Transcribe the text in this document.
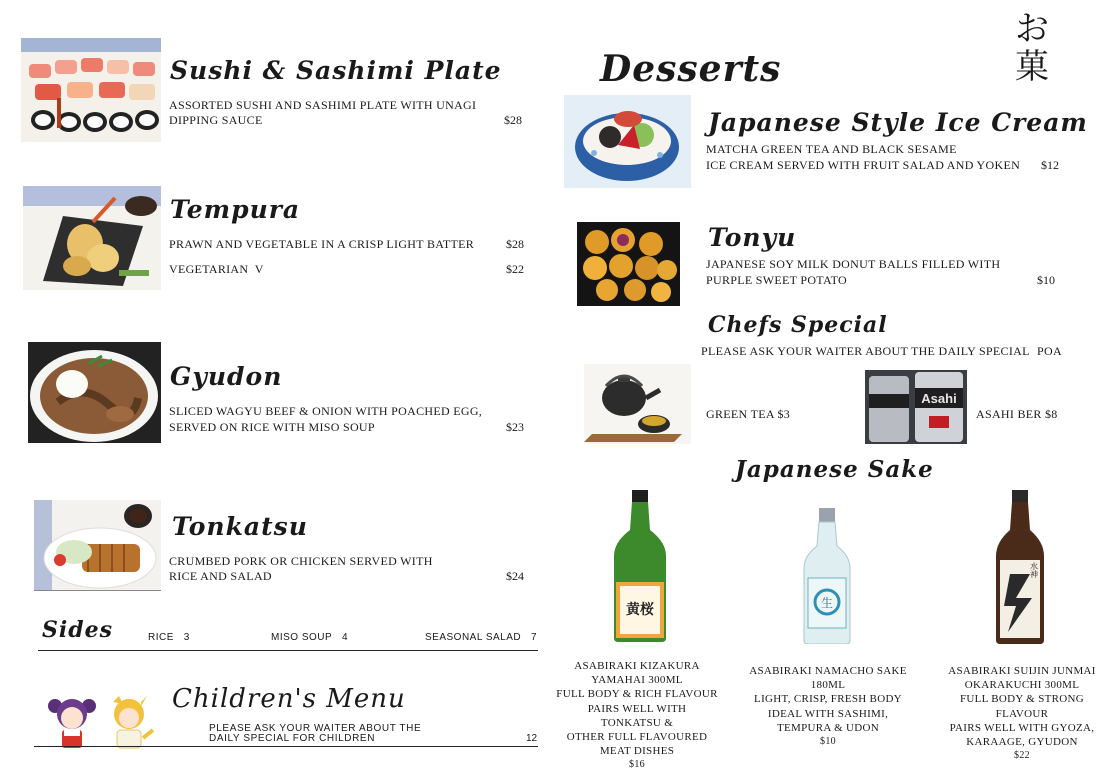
Sushi & Sashimi Plate
ASSORTED SUSHI AND SASHIMI PLATE WITH UNAGI
DIPPING SAUCE	$28
Tempura
PRAWN AND VEGETABLE IN A CRISP LIGHT BATTER	$28
VEGETARIAN  V	$22
Gyudon
SLICED WAGYU BEEF & ONION WITH POACHED EGG,
SERVED ON RICE WITH MISO SOUP	$23
Tonkatsu
CRUMBED PORK OR CHICKEN SERVED WITH
RICE AND SALAD	$24
Sides	RICE 3	MISO SOUP 4	SEASONAL SALAD 7
Children's Menu
PLEASE ASK YOUR WAITER ABOUT THE
DAILY SPECIAL FOR CHILDREN	12
Desserts
お
菓
Japanese Style Ice Cream
MATCHA GREEN TEA AND BLACK SESAME
ICE CREAM SERVED WITH FRUIT SALAD AND YOKEN $12
Tonyu
JAPANESE SOY MILK DONUT BALLS FILLED WITH
PURPLE SWEET POTATO	$10
Chefs Special
PLEASE ASK YOUR WAITER ABOUT THE DAILY SPECIAL POA
GREEN TEA $3
Asahi
ASAHI BER $8
Japanese Sake
黄桜	生
水神
ASABIRAKI KIZAKURA
YAMAHAI 300ML
FULL BODY & RICH FLAVOUR
PAIRS WELL WITH
TONKATSU &
OTHER FULL FLAVOURED
MEAT DISHES
$16
ASABIRAKI NAMACHO SAKE
180ML
LIGHT, CRISP, FRESH BODY
IDEAL WITH SASHIMI,
TEMPURA & UDON
$10
ASABIRAKI SUIJIN JUNMAI
OKARAKUCHI 300ML
FULL BODY & STRONG
FLAVOUR
PAIRS WELL WITH GYOZA,
KARAAGE, GYUDON
$22
